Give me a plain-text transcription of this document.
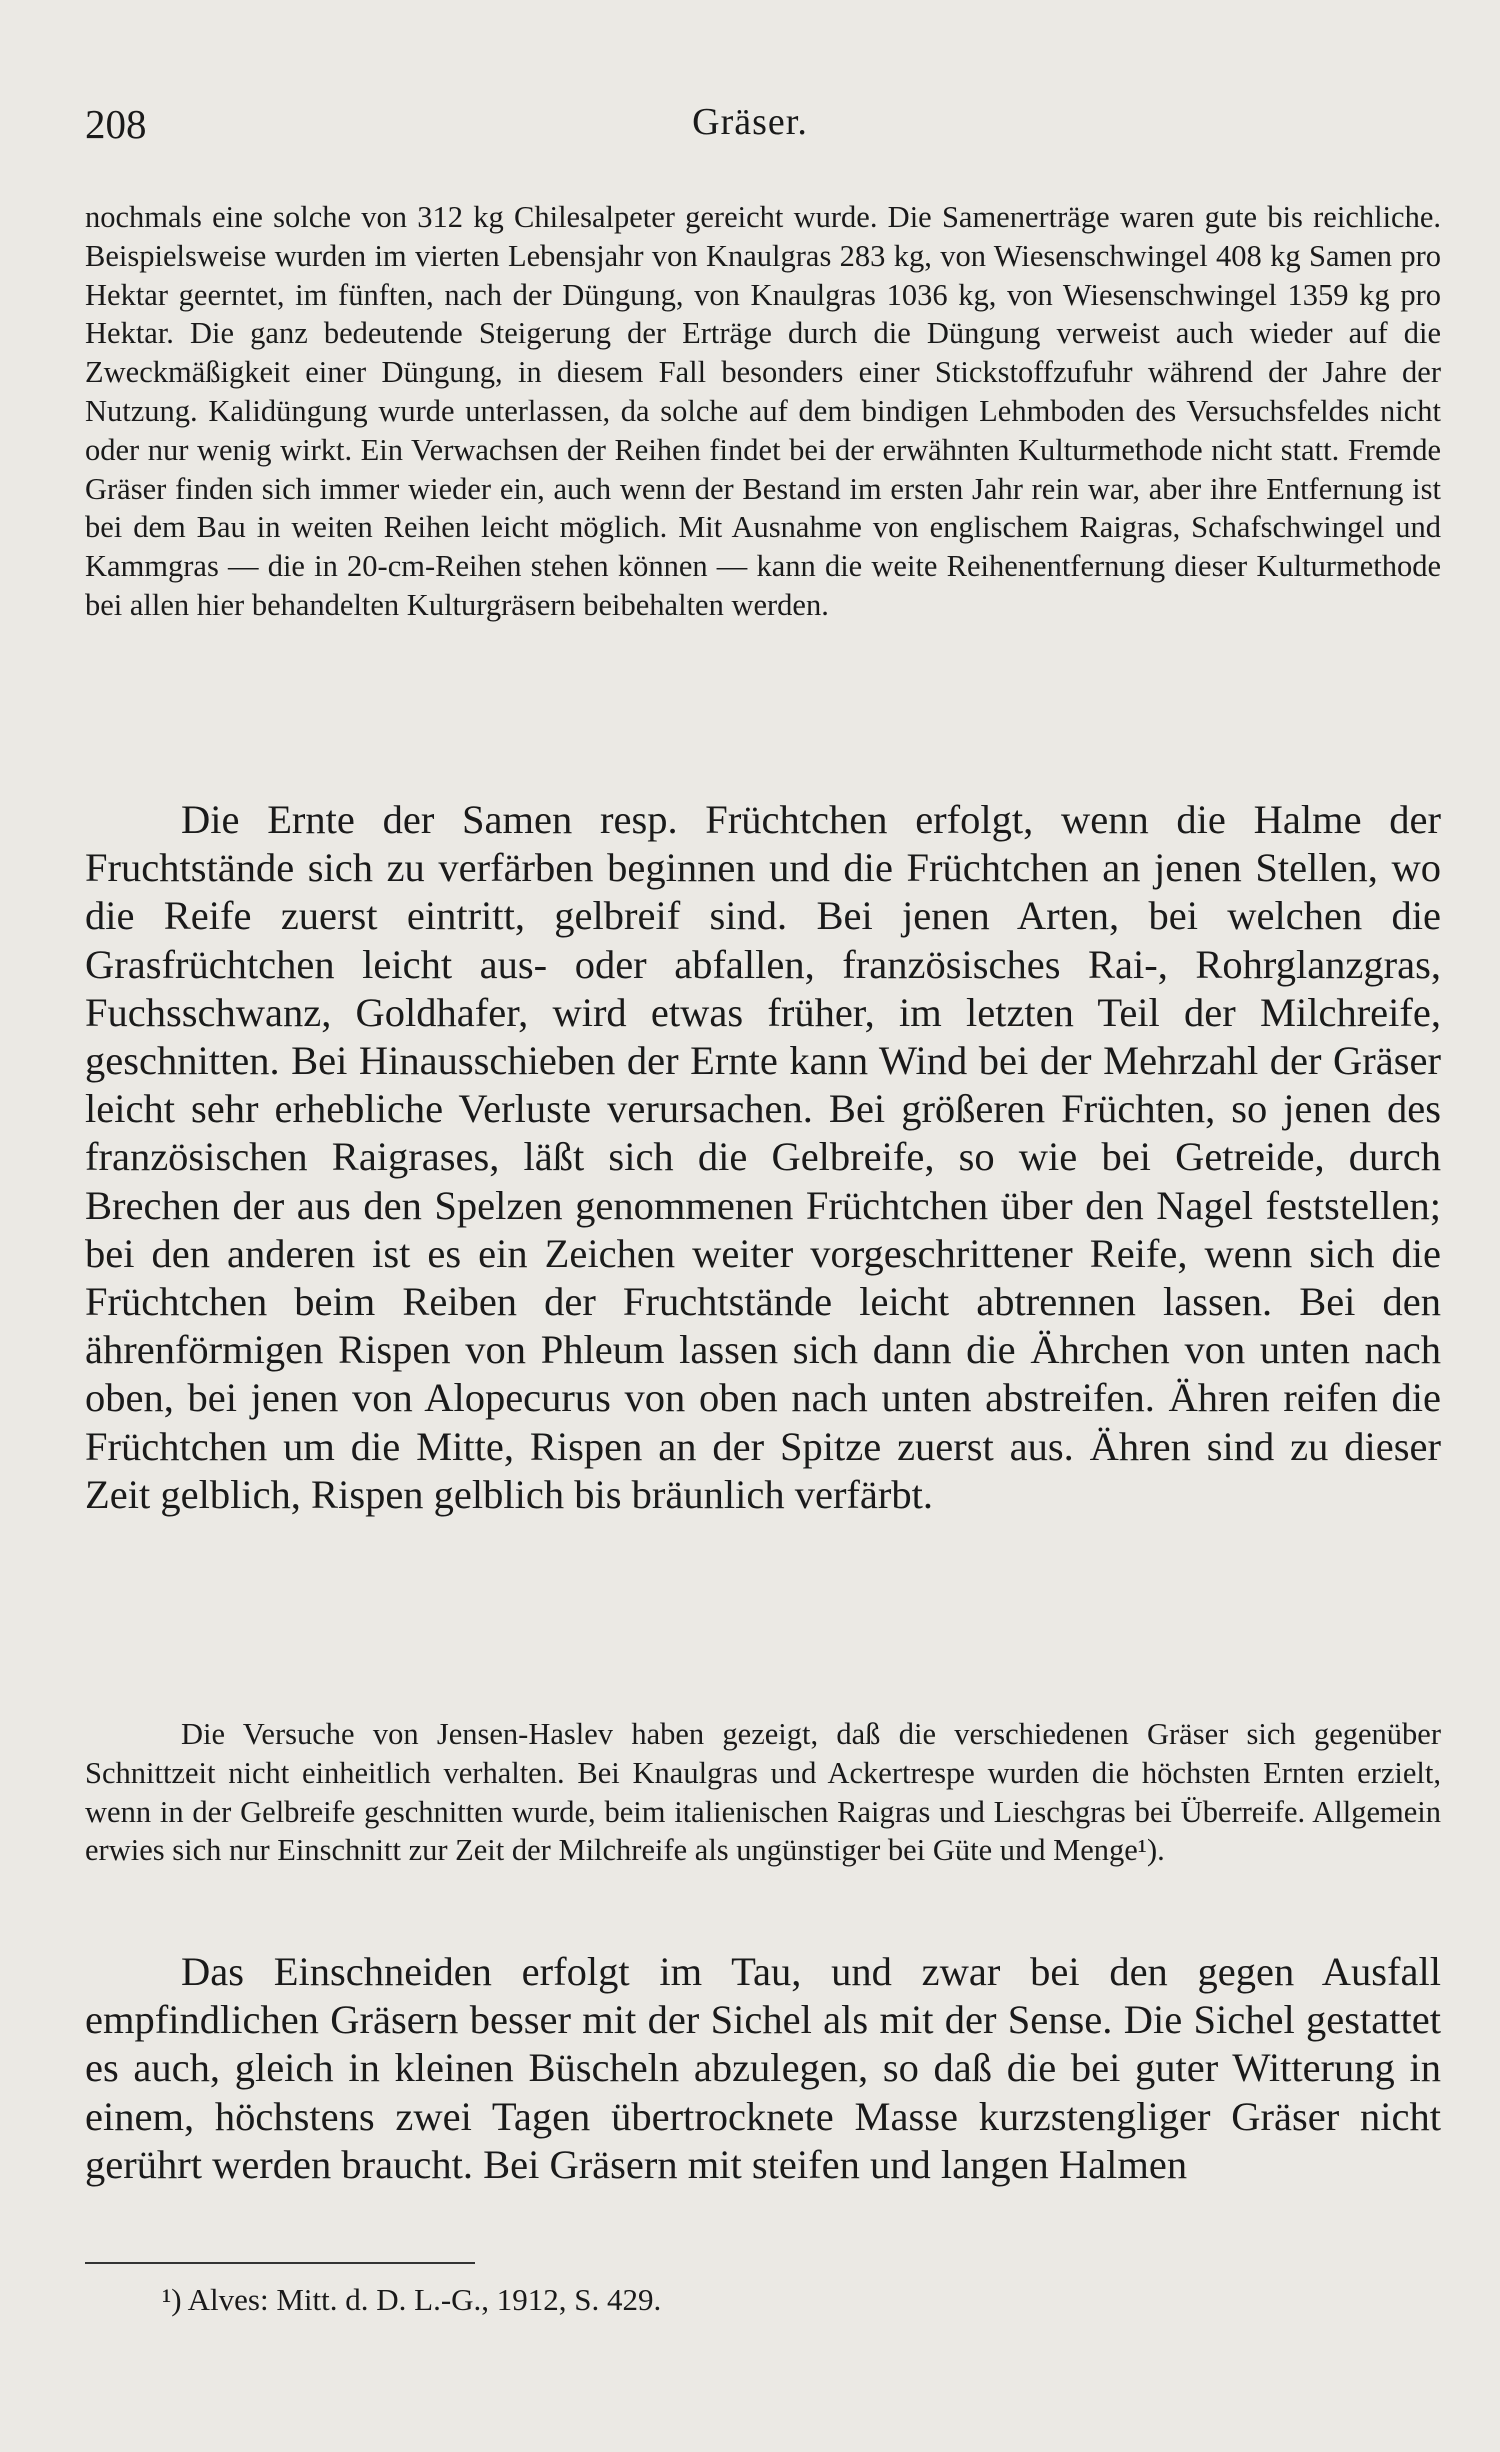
208	Gräser.

nochmals eine solche von 312 kg Chilesalpeter gereicht wurde. Die Samenerträge waren gute bis reichliche. Beispielsweise wurden im vierten Lebensjahr von Knaulgras 283 kg, von Wiesenschwingel 408 kg Samen pro Hektar geerntet, im fünften, nach der Düngung, von Knaulgras 1036 kg, von Wiesenschwingel 1359 kg pro Hektar. Die ganz bedeutende Steigerung der Erträge durch die Düngung verweist auch wieder auf die Zweckmäßigkeit einer Düngung, in diesem Fall besonders einer Stickstoffzufuhr während der Jahre der Nutzung. Kalidüngung wurde unterlassen, da solche auf dem bindigen Lehmboden des Versuchsfeldes nicht oder nur wenig wirkt. Ein Verwachsen der Reihen findet bei der erwähnten Kulturmethode nicht statt. Fremde Gräser finden sich immer wieder ein, auch wenn der Bestand im ersten Jahr rein war, aber ihre Entfernung ist bei dem Bau in weiten Reihen leicht möglich. Mit Ausnahme von englischem Raigras, Schafschwingel und Kammgras — die in 20-cm-Reihen stehen können — kann die weite Reihenentfernung dieser Kulturmethode bei allen hier behandelten Kulturgräsern beibehalten werden.

Die Ernte der Samen resp. Früchtchen erfolgt, wenn die Halme der Fruchtstände sich zu verfärben beginnen und die Früchtchen an jenen Stellen, wo die Reife zuerst eintritt, gelbreif sind. Bei jenen Arten, bei welchen die Grasfrüchtchen leicht aus- oder abfallen, französisches Rai-, Rohrglanzgras, Fuchsschwanz, Goldhafer, wird etwas früher, im letzten Teil der Milchreife, geschnitten. Bei Hinausschieben der Ernte kann Wind bei der Mehrzahl der Gräser leicht sehr erhebliche Verluste verursachen. Bei größeren Früchten, so jenen des französischen Raigrases, läßt sich die Gelbreife, so wie bei Getreide, durch Brechen der aus den Spelzen genommenen Früchtchen über den Nagel feststellen; bei den anderen ist es ein Zeichen weiter vorgeschrittener Reife, wenn sich die Früchtchen beim Reiben der Fruchtstände leicht abtrennen lassen. Bei den ährenförmigen Rispen von Phleum lassen sich dann die Ährchen von unten nach oben, bei jenen von Alopecurus von oben nach unten abstreifen. Ähren reifen die Früchtchen um die Mitte, Rispen an der Spitze zuerst aus. Ähren sind zu dieser Zeit gelblich, Rispen gelblich bis bräunlich verfärbt.

Die Versuche von Jensen-Haslev haben gezeigt, daß die verschiedenen Gräser sich gegenüber Schnittzeit nicht einheitlich verhalten. Bei Knaulgras und Ackertrespe wurden die höchsten Ernten erzielt, wenn in der Gelbreife geschnitten wurde, beim italienischen Raigras und Lieschgras bei Überreife. Allgemein erwies sich nur Einschnitt zur Zeit der Milchreife als ungünstiger bei Güte und Menge¹).

Das Einschneiden erfolgt im Tau, und zwar bei den gegen Ausfall empfindlichen Gräsern besser mit der Sichel als mit der Sense. Die Sichel gestattet es auch, gleich in kleinen Büscheln abzulegen, so daß die bei guter Witterung in einem, höchstens zwei Tagen übertrocknete Masse kurzstengliger Gräser nicht gerührt werden braucht. Bei Gräsern mit steifen und langen Halmen

¹) Alves: Mitt. d. D. L.-G., 1912, S. 429.
